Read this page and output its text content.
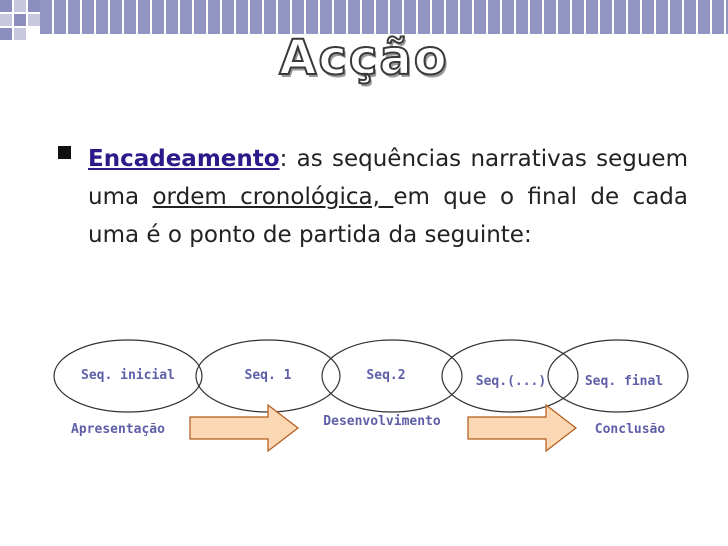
Acção
Encadeamento: as sequências narrativas seguem uma ordem cronológica, em que o final de cada uma é o ponto de partida da seguinte:
Seq. inicial	Seq. 1	Seq.2	Seq.(...)	Seq. final
Apresentação
Desenvolvimento
Conclusão
